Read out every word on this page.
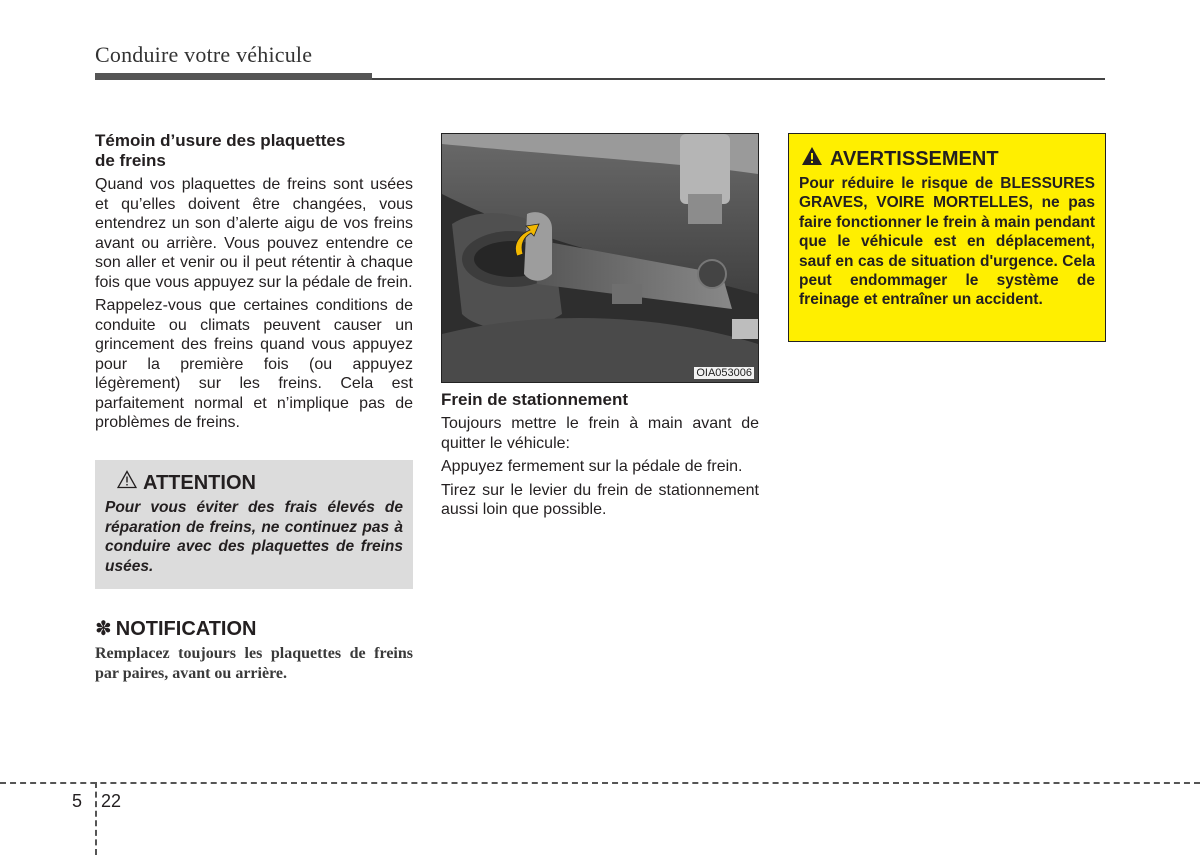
Conduire votre véhicule
Témoin d’usure des plaquettes
de freins

Quand vos plaquettes de freins sont usées et qu’elles doivent être changées, vous entendrez un son d’alerte aigu de vos freins avant ou arrière. Vous pouvez entendre ce son aller et venir ou il peut rétentir à chaque fois que vous appuyez sur la pédale de frein.

Rappelez-vous que certaines conditions de conduite ou climats peuvent causer un grincement des freins quand vous appuyez pour la première fois (ou appuyez légèrement) sur les freins. Cela est parfaitement normal et n’implique pas de problèmes de freins.

ATTENTION

Pour vous éviter des frais élevés de réparation de freins, ne continuez pas à conduire avec des plaquettes de freins usées.

✽ NOTIFICATION

Remplacez toujours les plaquettes de freins par paires, avant ou arrière.

OIA053006
Frein de stationnement

Toujours mettre le frein à main avant de quitter le véhicule:

Appuyez fermement sur la pédale de frein.

Tirez sur le levier du frein de stationnement aussi loin que possible.

AVERTISSEMENT

Pour réduire le risque de BLESSURES GRAVES, VOIRE MORTELLES, ne pas faire fonctionner le frein à main pendant que le véhicule est en déplacement, sauf en cas de situation d'urgence. Cela peut endommager le système de freinage et entraîner un accident.

5 22
